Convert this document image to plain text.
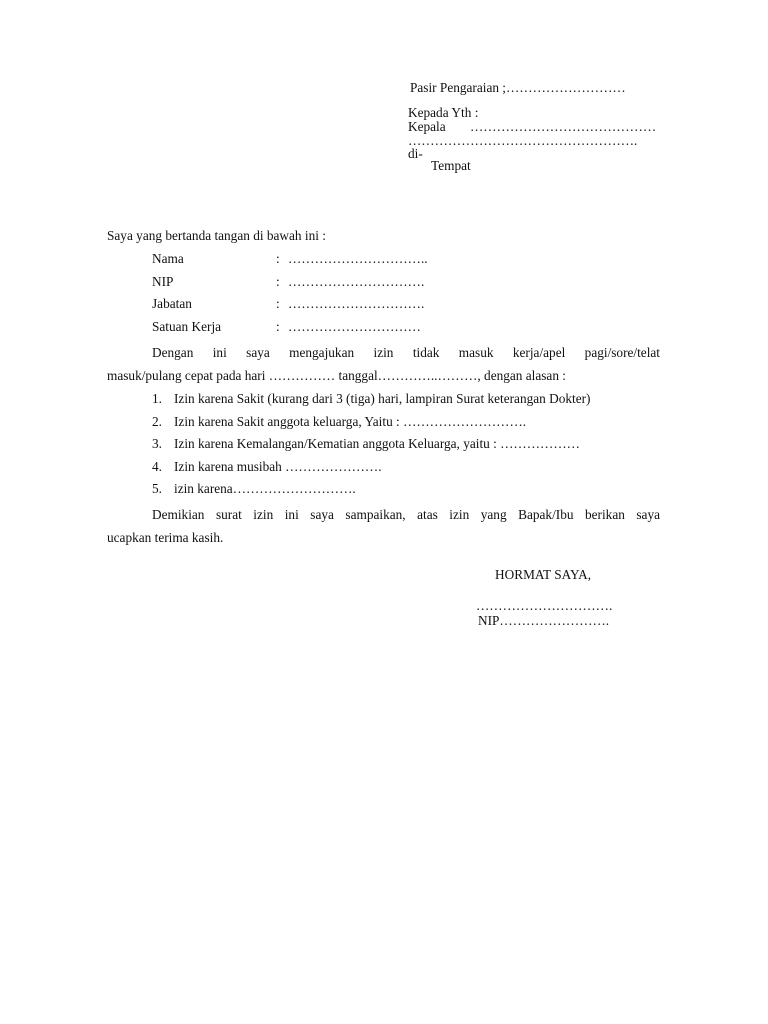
Pasir Pengaraian ;………………………
Kepada Yth :
Kepala ……………………………………
…………………………………………….
di-
Tempat
Saya yang bertanda tangan di bawah ini :
Nama	: …………………………..
NIP	: ………………………….
Jabatan	: ………………………….
Satuan Kerja	: …………………………
Dengan ini saya mengajukan izin tidak masuk kerja/apel pagi/sore/telat
masuk/pulang cepat pada hari …………… tanggal…………..………, dengan alasan :
1. Izin karena Sakit (kurang dari 3 (tiga) hari, lampiran Surat keterangan Dokter)
2. Izin karena Sakit anggota keluarga, Yaitu : ……………………….
3. Izin karena Kemalangan/Kematian anggota Keluarga, yaitu : ………………
4. Izin karena musibah ………………….
5. izin karena……………………….
Demikian surat izin ini saya sampaikan, atas izin yang Bapak/Ibu berikan saya
ucapkan terima kasih.
HORMAT SAYA,
………………………….
NIP…………………….
